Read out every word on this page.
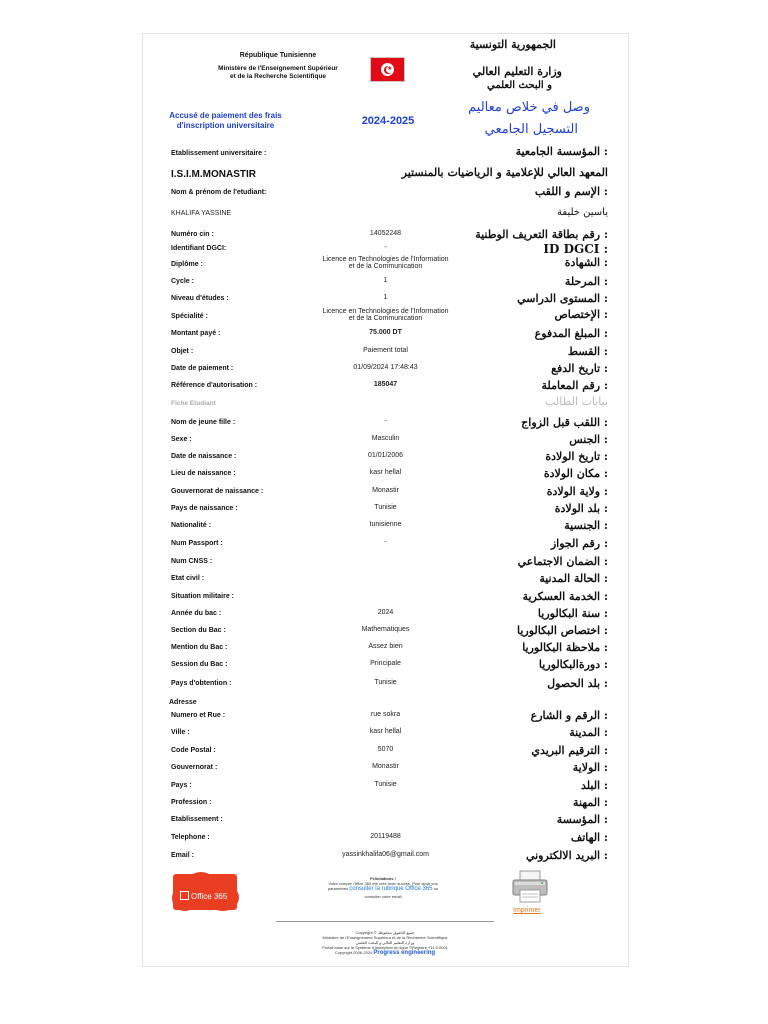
République Tunisienne
Ministère de l'Enseignement Supérieur
et de la Recherche Scientifique
★
الجمهورية التونسية
وزارة التعليم العالي
و البحث العلمي
Accusé de paiement des frais
d'inscription universitaire	2024-2025
وصل في خلاص معاليم
التسجيل الجامعي
Etablissement universitaire :	: المؤسسة الجامعية
I.S.I.M.MONASTIR	المعهد العالي للإعلامية و الرياضيات بالمنستير
Nom & prénom de l'etudiant:	: الإسم و اللقب
KHALIFA YASSINE	ياسين خليفة
Numéro cin :	14052248	: رقم بطاقة التعريف الوطنية
Identifiant DGCI:	-	: ID DGCI
Diplôme :
Licence en Technologies de l'Information
et de la Communication	: الشهادة
Cycle :	1	: المرحلة
Niveau d'études :	1	: المستوى الدراسي
Spécialité :
Licence en Technologies de l'Information
et de la Communication	: الإختصاص
Montant payé :	75.000 DT	: المبلغ المدفوع
Objet :	Paiement total	: القسط
Date de paiement :	01/09/2024 17:48:43	: تاريخ الدفع
Référence d'autorisation :	185047	: رقم المعاملة
Fiche Etudiant	بيانات الطالب
Nom de jeune fille :	-	: اللقب قبل الزواج
Sexe :	Masculin	: الجنس
Date de naissance :	01/01/2006	: تاريخ الولادة
Lieu de naissance :	kasr hellal	: مكان الولادة
Gouvernorat de naissance :	Monastir	: ولاية الولادة
Pays de naissance :	Tunisie	: بلد الولادة
Nationalité :	tunisienne	: الجنسية
Num Passport :	-	: رقم الجواز
Num CNSS :	: الضمان الاجتماعي
Etat civil :	: الحالة المدنية
Situation militaire :	: الخدمة العسكرية
Année du bac :	2024	: سنة البكالوريا
Section du Bac :	Mathematiques	: اختصاص البكالوريا
Mention du Bac :	Assez bien	: ملاحظة البكالوريا
Session du Bac :	Principale	: دورةالبكالوريا
Pays d'obtention :	Tunisie	: بلد الحصول
Adresse
Numero et Rue :	rue sokra	: الرقم و الشارع
Ville :	kasr hellal	: المدينة
Code Postal :	5070	: الترقيم البريدي
Gouvernorat :	Monastir	: الولاية
Pays :	Tunisie	: البلد
Profession :	: المهنة
Etablissement :	: المؤسسة
Telephone :	20119488	: الهاتف
Email :	yassinkhalifa06@gmail.com	: البريد الالكتروني
Office 365
Félicitations !
Votre compte Office 365 été crée avec succès. Pour avoir vos
paramètres consulter la rubrique Office 365 ou
consulter votre email
Imprimer
Copyright © جميع الحقوق محفوظة
Ministère de l'Enseignement Supérieur et de la Recherche Scientifique
وزارة التعليم العالي و البحث العلمي
Portail basé sur le Système d'inscription en ligne ©Registre +11.0.0001
Copyright 2006-2024 Progress engineering
